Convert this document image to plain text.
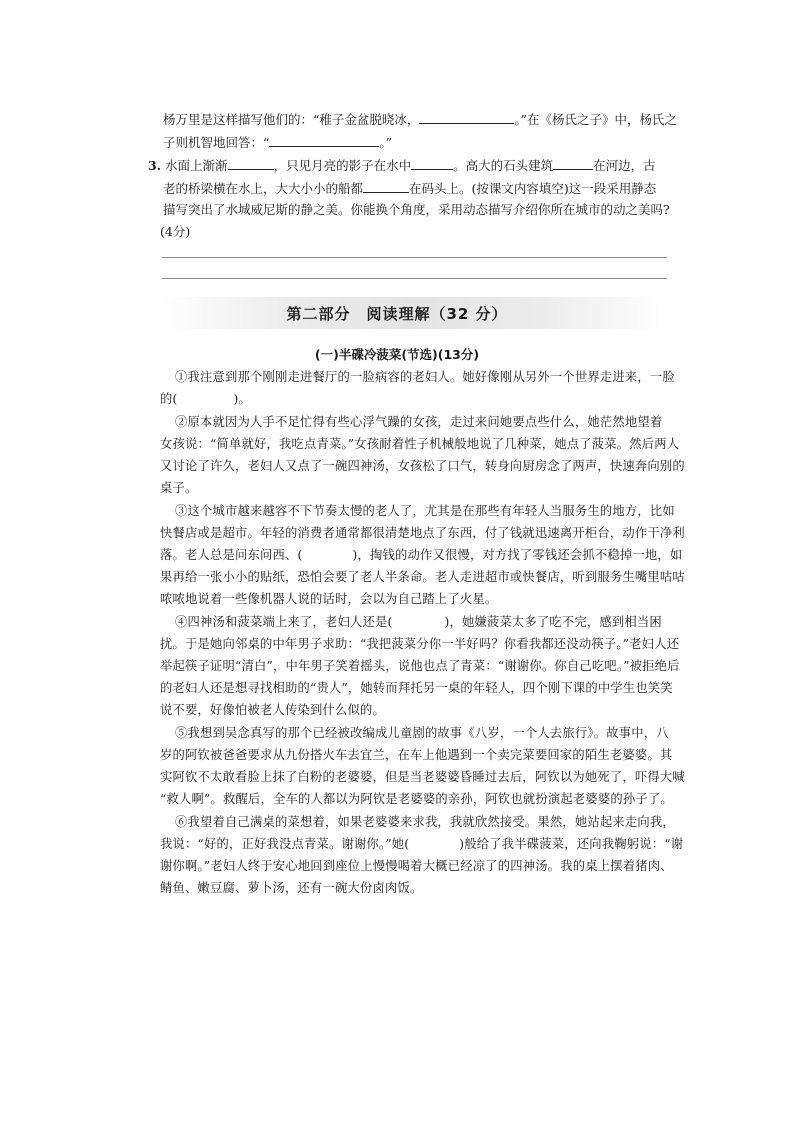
杨万里是这样描写他们的：“稚子金盆脱晓冰，	。”在《杨氏之子》中，杨氏之
子则机智地回答：“	。”
3. 水面上渐渐	，只见月亮的影子在水中	。高大的石头建筑	在河边，古
老的桥梁横在水上，大大小小的船都	在码头上。(按课文内容填空)这一段采用静态
描写突出了水城威尼斯的静之美。你能换个角度，采用动态描写介绍你所在城市的动之美吗?
(4分)
第二部分　阅读理解（32 分）
(一)半碟冷菠菜(节选)(13分)
①我注意到那个刚刚走进餐厅的一脸病容的老妇人。她好像刚从另外一个世界走进来，一脸
的(	)。
②原本就因为人手不足忙得有些心浮气躁的女孩，走过来问她要点些什么，她茫然地望着
女孩说：“简单就好，我吃点青菜。”女孩耐着性子机械般地说了几种菜，她点了菠菜。然后两人
又讨论了许久，老妇人又点了一碗四神汤，女孩松了口气，转身向厨房念了两声，快速奔向别的
桌子。
③这个城市越来越容不下节奏太慢的老人了，尤其是在那些有年轻人当服务生的地方，比如
快餐店或是超市。年轻的消费者通常都很清楚地点了东西，付了钱就迅速离开柜台，动作干净利
落。老人总是问东问西、(	)，掏钱的动作又很慢，对方找了零钱还会抓不稳掉一地，如
果再给一张小小的贴纸，恐怕会要了老人半条命。老人走进超市或快餐店，听到服务生嘴里咕咕
哝哝地说着一些像机器人说的话时，会以为自己踏上了火星。
④四神汤和菠菜端上来了，老妇人还是(	)，她嫌菠菜太多了吃不完，感到相当困
扰。于是她向邻桌的中年男子求助：“我把菠菜分你一半好吗？你看我都还没动筷子。”老妇人还
举起筷子证明“清白”，中年男子笑着摇头，说他也点了青菜：“谢谢你。你自己吃吧。”被拒绝后
的老妇人还是想寻找相助的“贵人”，她转而拜托另一桌的年轻人，四个刚下课的中学生也笑笑
说不要，好像怕被老人传染到什么似的。
⑤我想到吴念真写的那个已经被改编成儿童剧的故事《八岁，一个人去旅行》。故事中，八
岁的阿钦被爸爸要求从九份搭火车去宜兰，在车上他遇到一个卖完菜要回家的陌生老婆婆。其
实阿钦不太敢看脸上抹了白粉的老婆婆，但是当老婆婆昏睡过去后，阿钦以为她死了，吓得大喊
“救人啊”。救醒后，全车的人都以为阿钦是老婆婆的亲孙，阿钦也就扮演起老婆婆的孙子了。
⑥我望着自己满桌的菜想着，如果老婆婆来求我，我就欣然接受。果然，她站起来走向我，
我说：“好的，正好我没点青菜。谢谢你。”她(	)般给了我半碟菠菜，还向我鞠躬说：“谢
谢你啊。”老妇人终于安心地回到座位上慢慢喝着大概已经凉了的四神汤。我的桌上摆着猪肉、
鲭鱼、嫩豆腐、萝卜汤，还有一碗大份卤肉饭。
